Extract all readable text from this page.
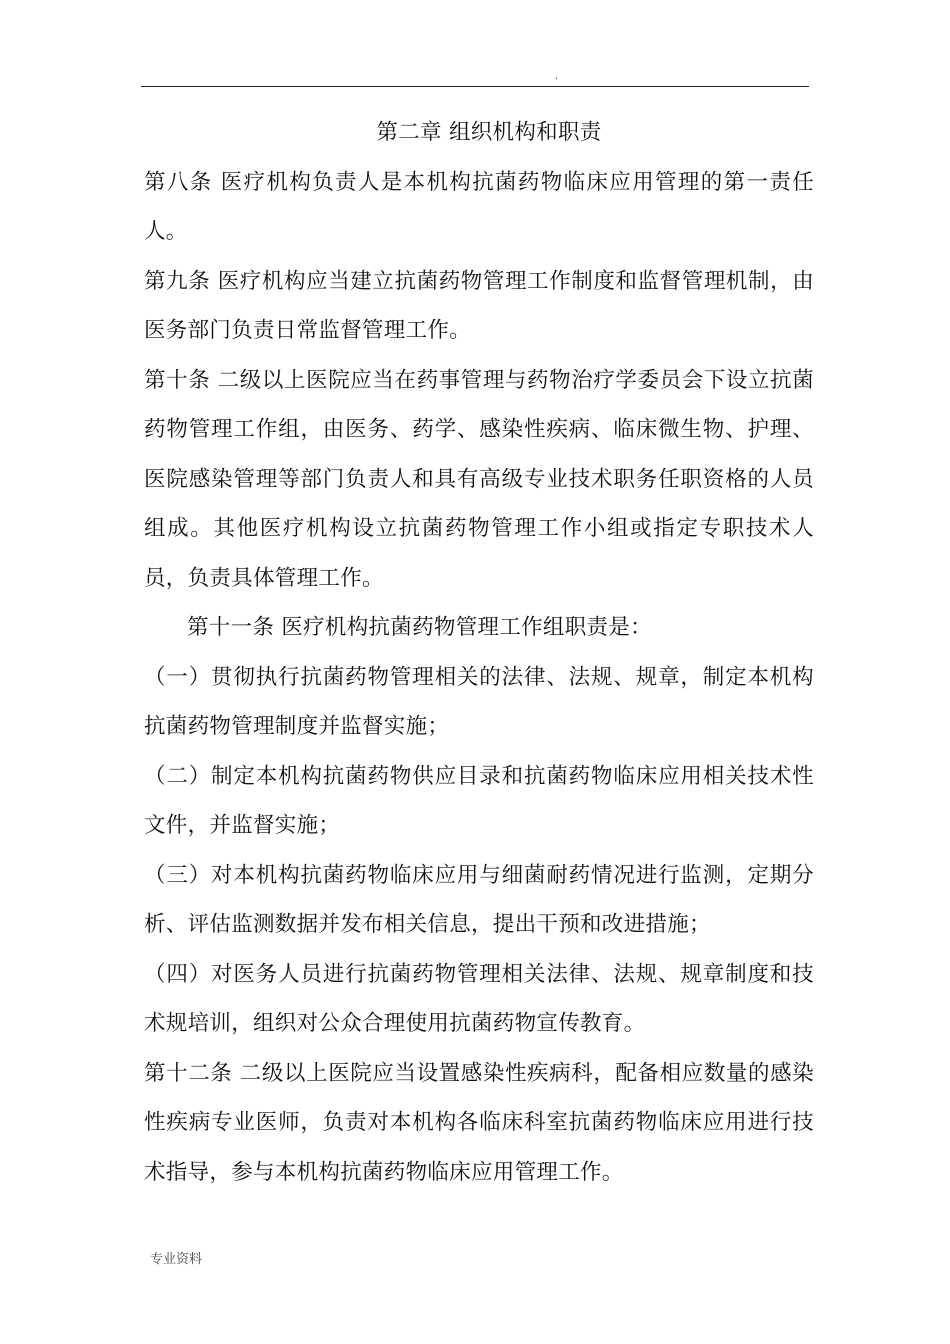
.
第二章 组织机构和职责

第八条 医疗机构负责人是本机构抗菌药物临床应用管理的第一责任人。

第九条 医疗机构应当建立抗菌药物管理工作制度和监督管理机制，由医务部门负责日常监督管理工作。

第十条 二级以上医院应当在药事管理与药物治疗学委员会下设立抗菌药物管理工作组，由医务、药学、感染性疾病、临床微生物、护理、医院感染管理等部门负责人和具有高级专业技术职务任职资格的人员组成。其他医疗机构设立抗菌药物管理工作小组或指定专职技术人员，负责具体管理工作。

第十一条 医疗机构抗菌药物管理工作组职责是：

（一）贯彻执行抗菌药物管理相关的法律、法规、规章，制定本机构抗菌药物管理制度并监督实施；

（二）制定本机构抗菌药物供应目录和抗菌药物临床应用相关技术性文件，并监督实施；

（三）对本机构抗菌药物临床应用与细菌耐药情况进行监测，定期分析、评估监测数据并发布相关信息，提出干预和改进措施；

（四）对医务人员进行抗菌药物管理相关法律、法规、规章制度和技术规培训，组织对公众合理使用抗菌药物宣传教育。

第十二条 二级以上医院应当设置感染性疾病科，配备相应数量的感染性疾病专业医师，负责对本机构各临床科室抗菌药物临床应用进行技术指导，参与本机构抗菌药物临床应用管理工作。

专业资料
